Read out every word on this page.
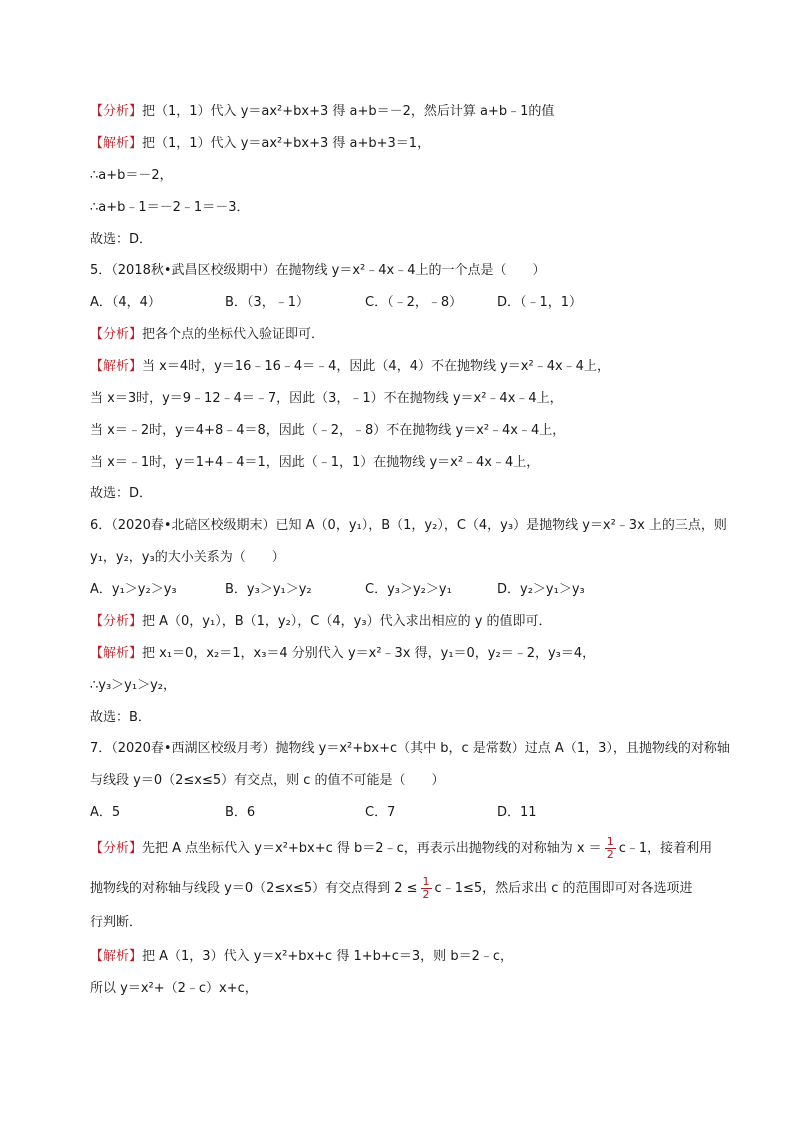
【分析】把（1，1）代入 y＝ax²+bx+3 得 a+b＝－2，然后计算 a+b﹣1的值
【解析】把（1，1）代入 y＝ax²+bx+3 得 a+b+3＝1，
∴a+b＝－2，
∴a+b﹣1＝－2﹣1＝－3．
故选：D．
5．（2018秋•武昌区校级期中）在抛物线 y＝x²﹣4x﹣4上的一个点是（　　）
A．（4，4）	B．（3，﹣1）	C．（﹣2，﹣8）	D．（﹣1，1）
【分析】把各个点的坐标代入验证即可．
【解析】当 x＝4时，y＝16﹣16﹣4＝﹣4，因此（4，4）不在抛物线 y＝x²﹣4x﹣4上，
当 x＝3时，y＝9﹣12﹣4＝﹣7，因此（3，﹣1）不在抛物线 y＝x²﹣4x﹣4上，
当 x＝﹣2时，y＝4+8﹣4＝8，因此（﹣2，﹣8）不在抛物线 y＝x²﹣4x﹣4上，
当 x＝﹣1时，y＝1+4﹣4＝1，因此（﹣1，1）在抛物线 y＝x²﹣4x﹣4上，
故选：D．
6．（2020春•北碚区校级期末）已知 A（0，y₁），B（1，y₂），C（4，y₃）是抛物线 y＝x²﹣3x 上的三点，则
y₁，y₂，y₃的大小关系为（　　）
A．y₁＞y₂＞y₃	B．y₃＞y₁＞y₂	C．y₃＞y₂＞y₁	D．y₂＞y₁＞y₃
【分析】把 A（0，y₁），B（1，y₂），C（4，y₃）代入求出相应的 y 的值即可．
【解析】把 x₁＝0，x₂＝1，x₃＝4 分别代入 y＝x²﹣3x 得，y₁＝0，y₂＝﹣2，y₃＝4，
∴y₃＞y₁＞y₂，
故选：B．
7．（2020春•西湖区校级月考）抛物线 y＝x²+bx+c（其中 b，c 是常数）过点 A（1，3），且抛物线的对称轴
与线段 y＝0（2≤x≤5）有交点，则 c 的值不可能是（　　）
A．5	B．6	C．7	D．11
【分析】先把 A 点坐标代入 y＝x²+bx+c 得 b＝2﹣c，再表示出抛物线的对称轴为 $x = \frac{1}{2}$ c﹣1，接着利用
抛物线的对称轴与线段 y＝0（2≤x≤5）有交点得到 $2 \le \frac{1}{2}$ c﹣1≤5，然后求出 c 的范围即可对各选项进
行判断．
【解析】把 A（1，3）代入 y＝x²+bx+c 得 1+b+c＝3，则 b＝2﹣c，
所以 y＝x²+（2﹣c）x+c，
